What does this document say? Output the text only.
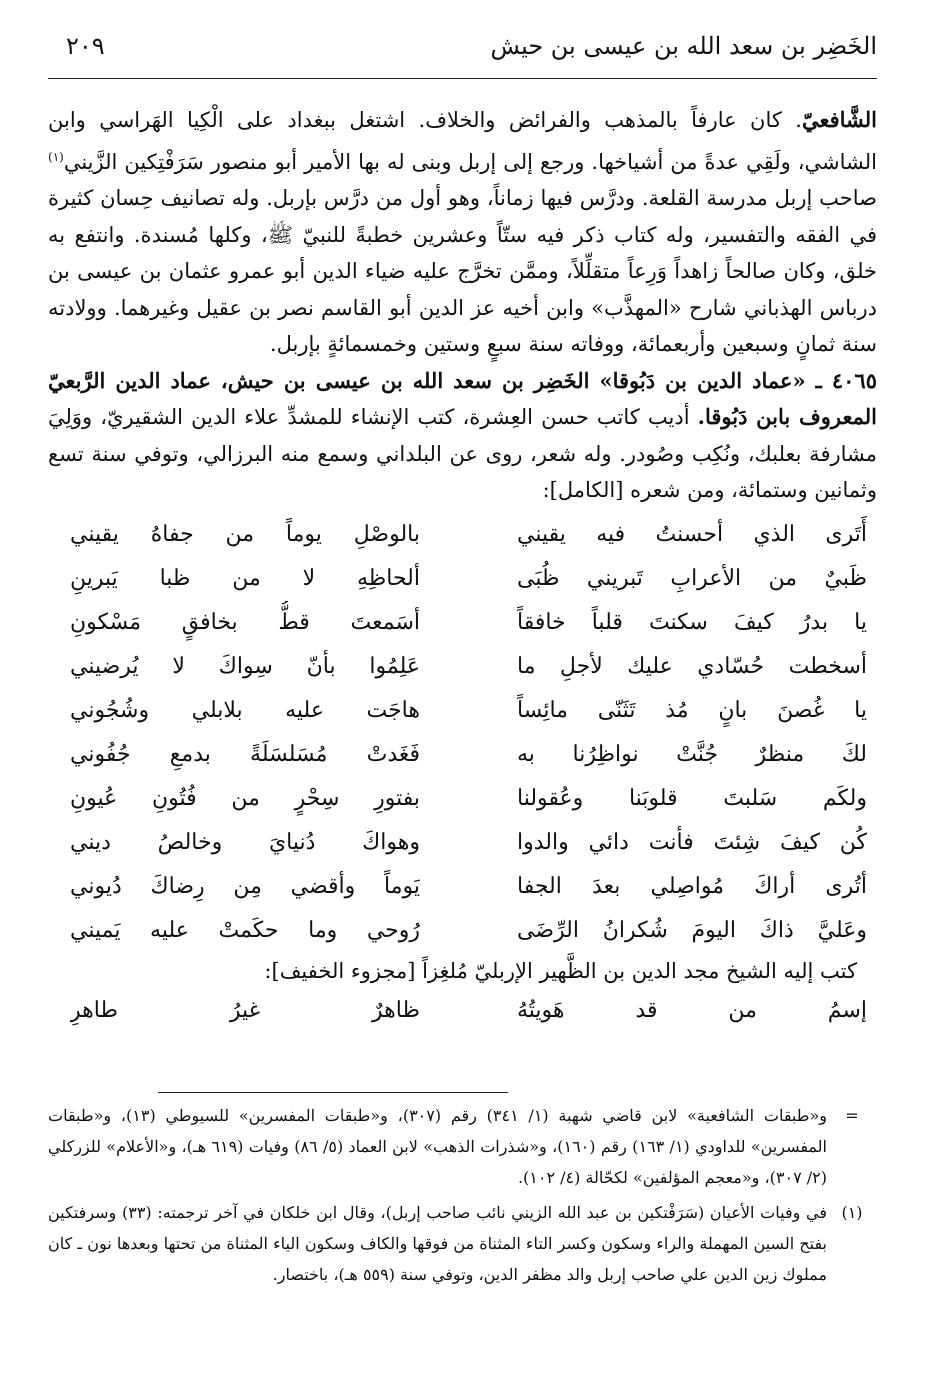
الخَضِر بن سعد الله بن عيسى بن حيش
٢٠٩

الشَّافعيّ. كان عارفاً بالمذهب والفرائض والخلاف. اشتغل ببغداد على الْكِيا الهَراسي وابن الشاشي، ولَقِي عدةً من أشياخها. ورجع إلى إربل وبنى له بها الأمير أبو منصور سَرَفْتِكين الزَّيني$^{(١)}$ صاحب إربل مدرسة القلعة. ودرَّس فيها زماناً، وهو أول من درَّس بإربل. وله تصانيف حِسان كثيرة في الفقه والتفسير، وله كتاب ذكر فيه ستّاً وعشرين خطبةً للنبيّ ﷺ، وكلها مُسندة. وانتفع به خلق، وكان صالحاً زاهداً وَرِعاً متقلِّلاً، وممَّن تخرَّج عليه ضياء الدين أبو عمرو عثمان بن عيسى بن درباس الهذباني شارح «المهذَّب» وابن أخيه عز الدين أبو القاسم نصر بن عقيل وغيرهما. وولادته سنة ثمانٍ وسبعين وأربعمائة، ووفاته سنة سبعٍ وستين وخمسمائةٍ بإربل.

٤٠٦٥ ـ «عماد الدين بن دَبُوقا» الخَضِر بن سعد الله بن عيسى بن حيش، عماد الدين الرَّبعيّ المعروف بابن دَبُوقا. أديب كاتب حسن العِشرة، كتب الإنشاء للمشدِّ علاء الدين الشقيريّ، ووَلِيَ مشارفة بعلبك، ونُكِب وصُودر. وله شعر، روى عن البلداني وسمع منه البرزالي، وتوفي سنة تسع وثمانين وستمائة، ومن شعره [الكامل]:

أَتَرى الذي أحسنتُ فيه يقيني
بالوصْلِ يوماً من جفاهُ يقيني
ظَبيٌ من الأعرابِ تَبريني ظُبَى
ألحاظِهِ لا من ظبا يَبرينِ
يا بدرُ كيفَ سكنتَ قلباً خافقاً
أسَمعتَ قطُّ بخافقٍ مَسْكونِ
أسخطت حُسّادي عليك لأجلِ ما
عَلِمُوا بأنّ سِواكَ لا يُرضيني
يا غُصنَ بانٍ مُذ تَثَنّى مائِساً
هاجَت عليه بلابلي وشُجُوني
لكَ منظرٌ جُنَّتْ نواظِرُنا به
فَغَدتْ مُسَلسَلَةً بدمعِ جُفُوني
ولكَم سَلبتَ قلوبَنا وعُقولنا
بفتورِ سِحْرٍ من فُتُونِ عُيونِ
كُن كيفَ شِئتَ فأنت دائي والدوا
وهواكَ دُنيايَ وخالصُ ديني
أتُرى أراكَ مُواصِلي بعدَ الجفا
يَوماً وأقضي مِن رِضاكَ دُيوني
وعَليَّ ذاكَ اليومَ شُكرانُ الرِّضَى
رُوحي وما حكَمتْ عليه يَميني

كتب إليه الشيخ مجد الدين بن الظَّهير الإربليّ مُلغِزاً [مجزوء الخفيف]:

إسمُ من قد هَويتُهُ
ظاهرٌ غيرُ طاهرِ
=
و«طبقات الشافعية» لابن قاضي شهبة (١/ ٣٤١) رقم (٣٠٧)، و«طبقات المفسرين» للسيوطي (١٣)، و«طبقات المفسرين» للداودي (١/ ١٦٣) رقم (١٦٠)، و«شذرات الذهب» لابن العماد (٥/ ٨٦) وفيات (٦١٩ هـ)، و«الأعلام» للزركلي (٢/ ٣٠٧)، و«معجم المؤلفين» لكحّالة (٤/ ١٠٢).
(١)
في وفيات الأعيان (سَرَفْتكين بن عبد الله الزيني نائب صاحب إربل)، وقال ابن خلكان في آخر ترجمته: (٣٣) وسرفتكين بفتح السين المهملة والراء وسكون وكسر التاء المثناة من فوقها والكاف وسكون الياء المثناة من تحتها وبعدها نون ـ كان مملوك زين الدين علي صاحب إربل والد مظفر الدين، وتوفي سنة (٥٥٩ هـ)، باختصار.
